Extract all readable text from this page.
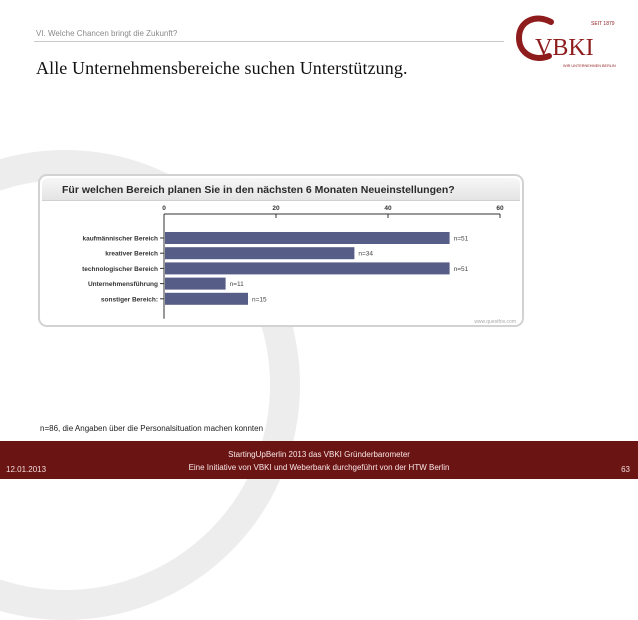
VI. Welche Chancen bringt die Zukunft?
Alle Unternehmensbereiche suchen Unterstützung.
SEIT 1879
VBKI
WIR UNTERNEHMEN BERLIN
Für welchen Bereich planen Sie in den nächsten 6 Monaten Neueinstellungen?
0	20	40	60
kaufmännischer Bereich	n=51
kreativer Bereich	n=34
technologischer Bereich	n=51
Unternehmensführung	n=11
sonstiger Bereich:	n=15
www.questfox.com
n=86, die Angaben über die Personalsituation machen konnten
12.01.2013
StartingUpBerlin 2013 das VBKI Gründerbarometer
Eine Initiative von VBKI und Weberbank durchgeführt von der HTW Berlin	63
